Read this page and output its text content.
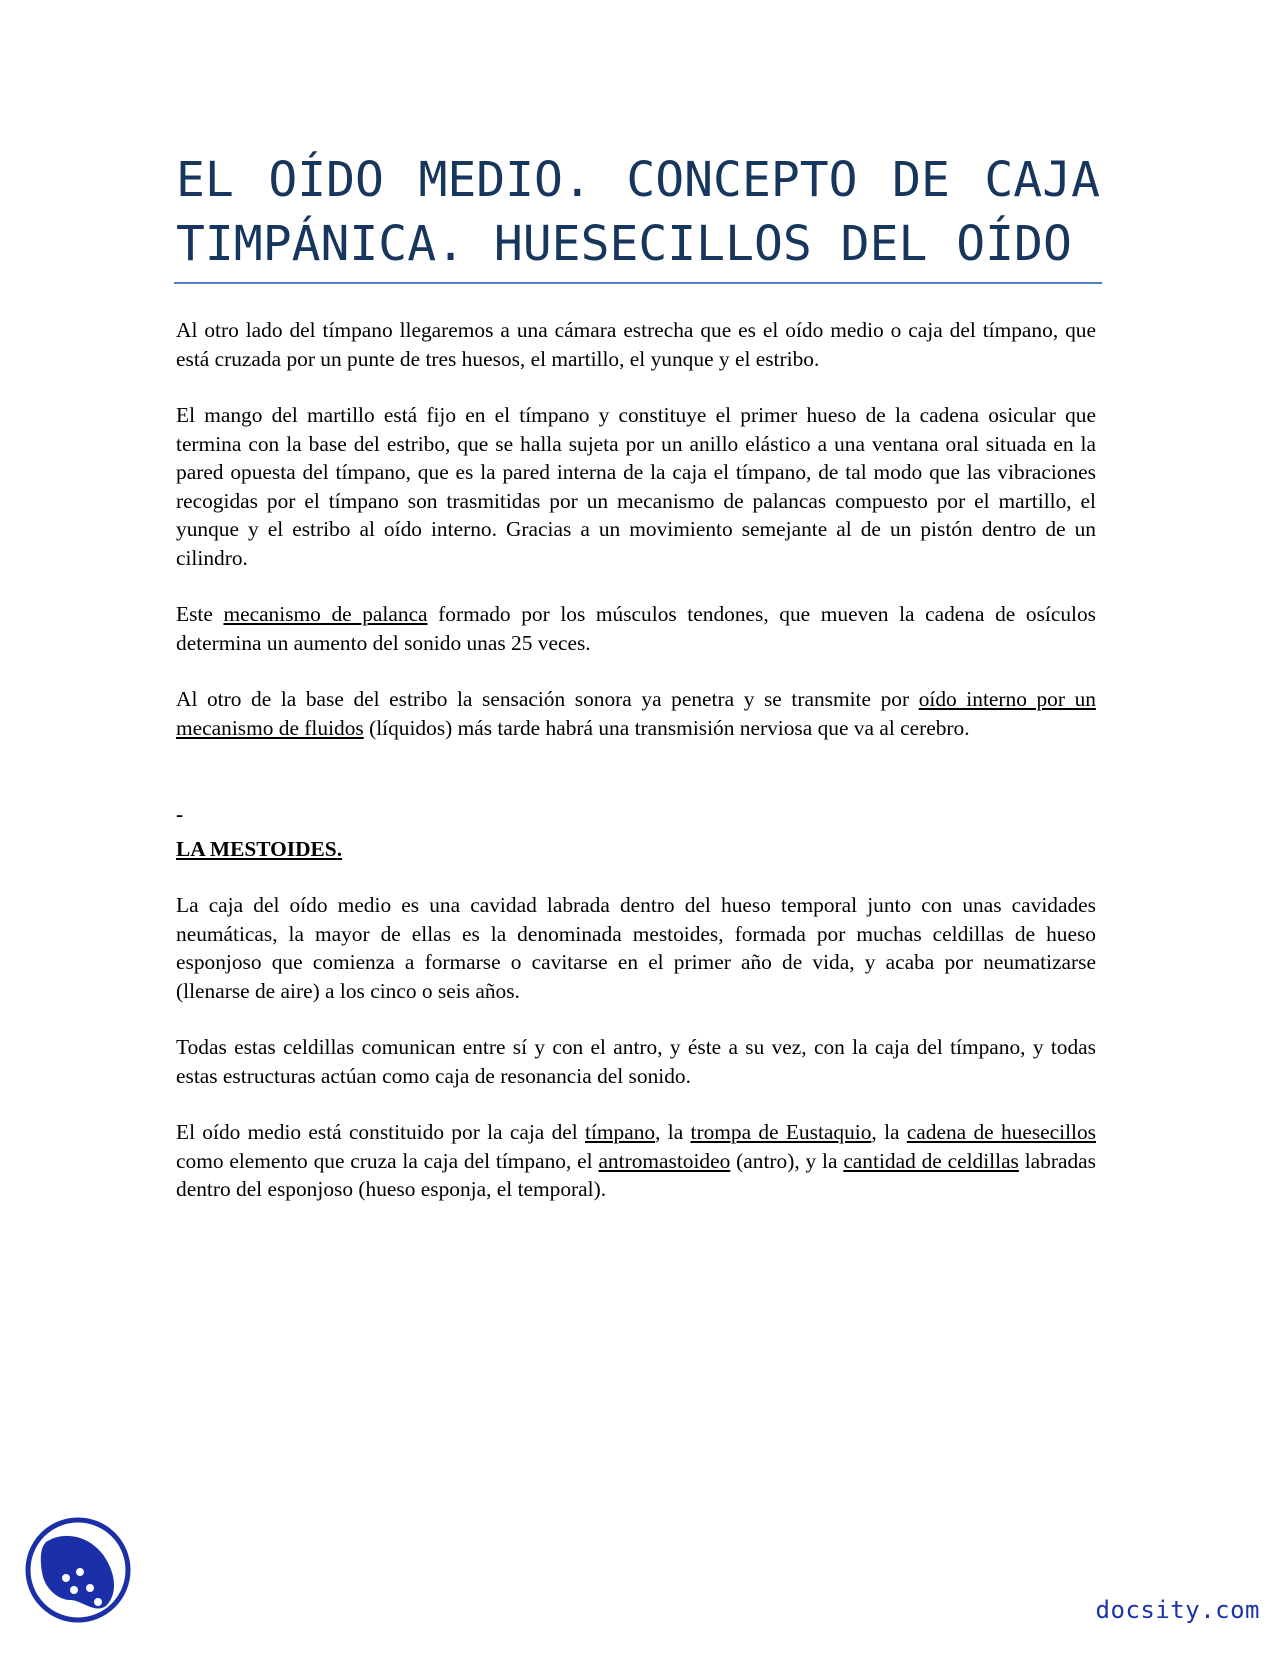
EL OÍDO MEDIO. CONCEPTO DE CAJA TIMPÁNICA. HUESECILLOS DEL OÍDO

Al otro lado del tímpano llegaremos a una cámara estrecha que es el oído medio o caja del tímpano, que está cruzada por un punte de tres huesos, el martillo, el yunque y el estribo.

El mango del martillo está fijo en el tímpano y constituye el primer hueso de la cadena osicular que termina con la base del estribo, que se halla sujeta por un anillo elástico a una ventana oral situada en la pared opuesta del tímpano, que es la pared interna de la caja el tímpano, de tal modo que las vibraciones recogidas por el tímpano son trasmitidas por un mecanismo de palancas compuesto por el martillo, el yunque y el estribo al oído interno. Gracias a un movimiento semejante al de un pistón dentro de un cilindro.

Este mecanismo de palanca formado por los músculos tendones, que mueven la cadena de osículos determina un aumento del sonido unas 25 veces.

Al otro de la base del estribo la sensación sonora ya penetra y se transmite por oído interno por un mecanismo de fluidos (líquidos) más tarde habrá una transmisión nerviosa que va al cerebro.

-

LA MESTOIDES.

La caja del oído medio es una cavidad labrada dentro del hueso temporal junto con unas cavidades neumáticas, la mayor de ellas es la denominada mestoides, formada por muchas celdillas de hueso esponjoso que comienza a formarse o cavitarse en el primer año de vida, y acaba por neumatizarse (llenarse de aire) a los cinco o seis años.

Todas estas celdillas comunican entre sí y con el antro, y éste a su vez, con la caja del tímpano, y todas estas estructuras actúan como caja de resonancia del sonido.

El oído medio está constituido por la caja del tímpano, la trompa de Eustaquio, la cadena de huesecillos como elemento que cruza la caja del tímpano, el antromastoideo (antro), y la cantidad de celdillas labradas dentro del esponjoso (hueso esponja, el temporal).

docsity.com
